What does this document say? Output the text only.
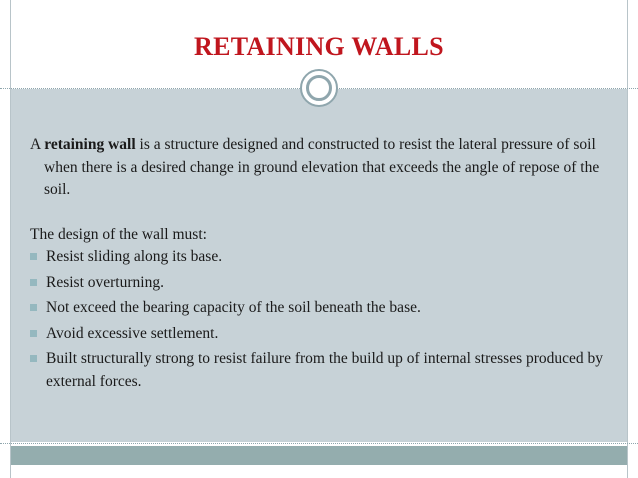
RETAINING WALLS

A retaining wall is a structure designed and constructed to resist the lateral pressure of soil when there is a desired change in ground elevation that exceeds the angle of repose of the soil.

The design of the wall must:

Resist sliding along its base.
Resist overturning.
Not exceed the bearing capacity of the soil beneath the base.
Avoid excessive settlement.
Built structurally strong to resist failure from the build up of internal stresses produced by external forces.
